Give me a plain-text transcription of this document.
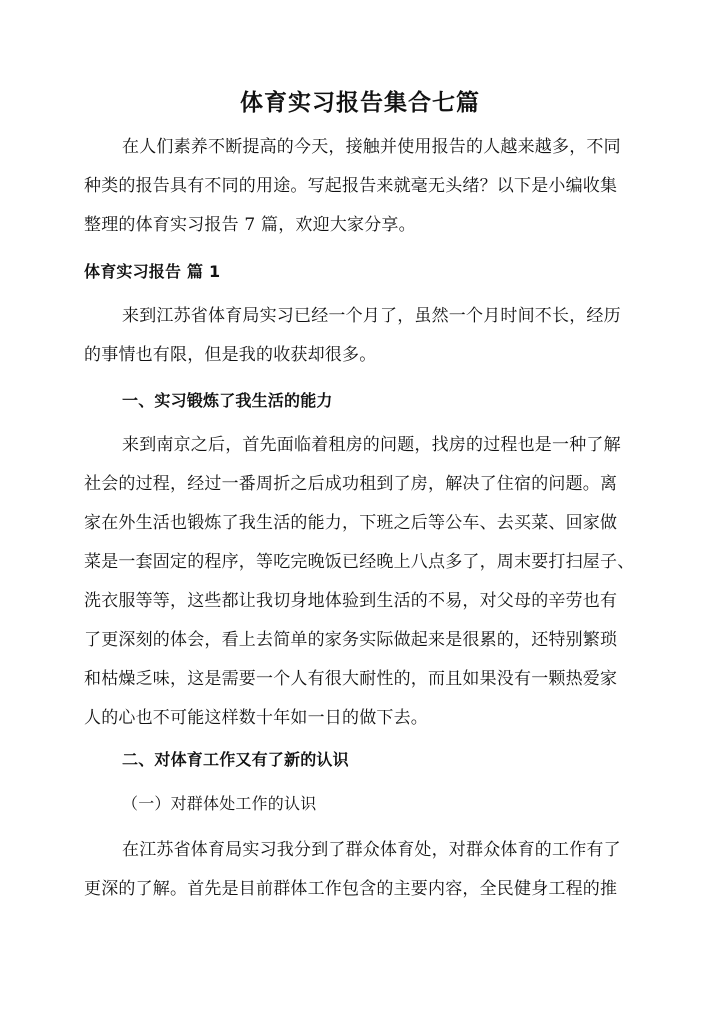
体育实习报告集合七篇
在人们素养不断提高的今天，接触并使用报告的人越来越多，不同
种类的报告具有不同的用途。写起报告来就毫无头绪？以下是小编收集
整理的体育实习报告 7 篇，欢迎大家分享。
体育实习报告 篇 1
来到江苏省体育局实习已经一个月了，虽然一个月时间不长，经历
的事情也有限，但是我的收获却很多。
一、实习锻炼了我生活的能力
来到南京之后，首先面临着租房的问题，找房的过程也是一种了解
社会的过程，经过一番周折之后成功租到了房，解决了住宿的问题。离
家在外生活也锻炼了我生活的能力，下班之后等公车、去买菜、回家做
菜是一套固定的程序，等吃完晚饭已经晚上八点多了，周末要打扫屋子、
洗衣服等等，这些都让我切身地体验到生活的不易，对父母的辛劳也有
了更深刻的体会，看上去简单的家务实际做起来是很累的，还特别繁琐
和枯燥乏味，这是需要一个人有很大耐性的，而且如果没有一颗热爱家
人的心也不可能这样数十年如一日的做下去。
二、对体育工作又有了新的认识
（一）对群体处工作的认识
在江苏省体育局实习我分到了群众体育处，对群众体育的工作有了
更深的了解。首先是目前群体工作包含的主要内容，全民健身工程的推
